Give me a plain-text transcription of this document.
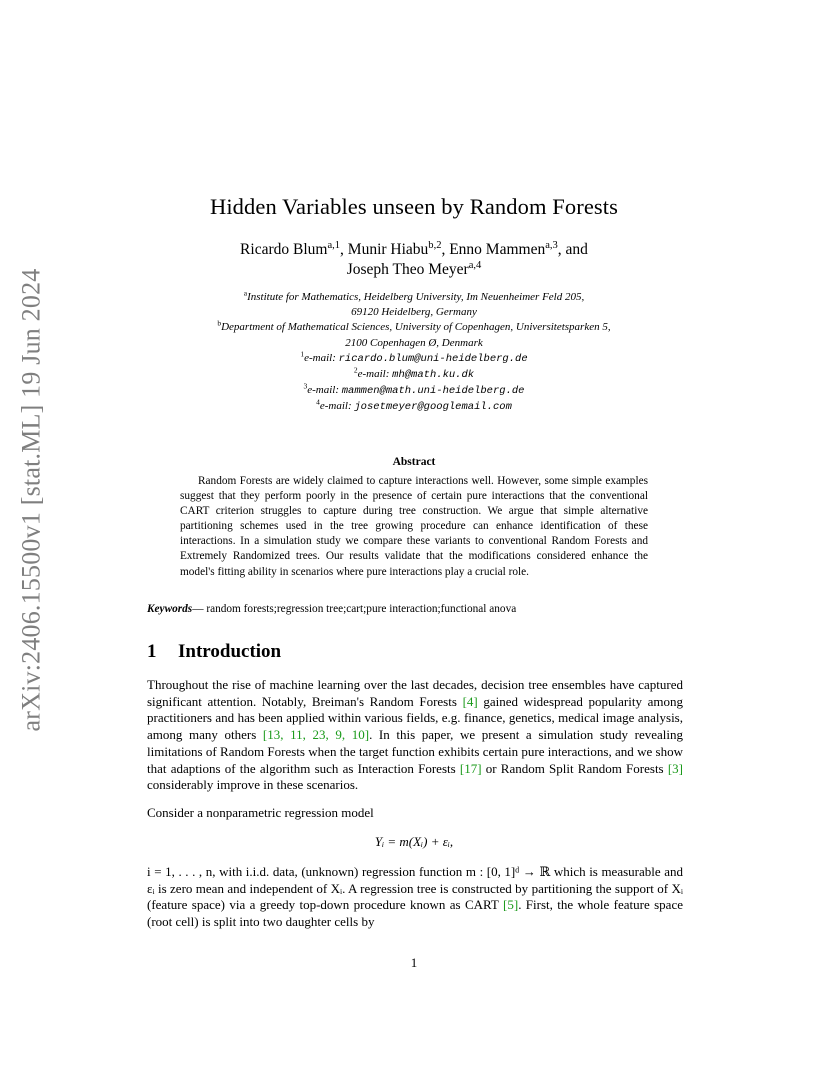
arXiv:2406.15500v1 [stat.ML] 19 Jun 2024
Hidden Variables unseen by Random Forests
Ricardo Blum$^{a,1}$, Munir Hiabu$^{b,2}$, Enno Mammen$^{a,3}$, and
Joseph Theo Meyer$^{a,4}$
$^a$Institute for Mathematics, Heidelberg University, Im Neuenheimer Feld 205,
69120 Heidelberg, Germany
$^b$Department of Mathematical Sciences, University of Copenhagen, Universitetsparken 5,
2100 Copenhagen Ø, Denmark
$^1$e-mail: ricardo.blum@uni-heidelberg.de
$^2$e-mail: mh@math.ku.dk
$^3$e-mail: mammen@math.uni-heidelberg.de
$^4$e-mail: josetmeyer@googlemail.com
Abstract
Random Forests are widely claimed to capture interactions well. However, some simple examples suggest that they perform poorly in the presence of certain pure interactions that the conventional CART criterion struggles to capture during tree construction. We argue that simple alternative partitioning schemes used in the tree growing procedure can enhance identification of these interactions. In a simulation study we compare these variants to conventional Random Forests and Extremely Randomized trees. Our results validate that the modifications considered enhance the model's fitting ability in scenarios where pure interactions play a crucial role.
Keywords— random forests;regression tree;cart;pure interaction;functional anova
1 Introduction
Throughout the rise of machine learning over the last decades, decision tree ensembles have captured significant attention. Notably, Breiman's Random Forests [4] gained widespread popularity among practitioners and has been applied within various fields, e.g. finance, genetics, medical image analysis, among many others [13, 11, 23, 9, 10]. In this paper, we present a simulation study revealing limitations of Random Forests when the target function exhibits certain pure interactions, and we show that adaptions of the algorithm such as Interaction Forests [17] or Random Split Random Forests [3] considerably improve in these scenarios.
Consider a nonparametric regression model
Yᵢ = m(Xᵢ) + εᵢ,
i = 1, . . . , n, with i.i.d. data, (unknown) regression function m : [0, 1]ᵈ → ℝ which is measurable and εᵢ is zero mean and independent of Xᵢ. A regression tree is constructed by partitioning the support of Xᵢ (feature space) via a greedy top-down procedure known as CART [5]. First, the whole feature space (root cell) is split into two daughter cells by
1
